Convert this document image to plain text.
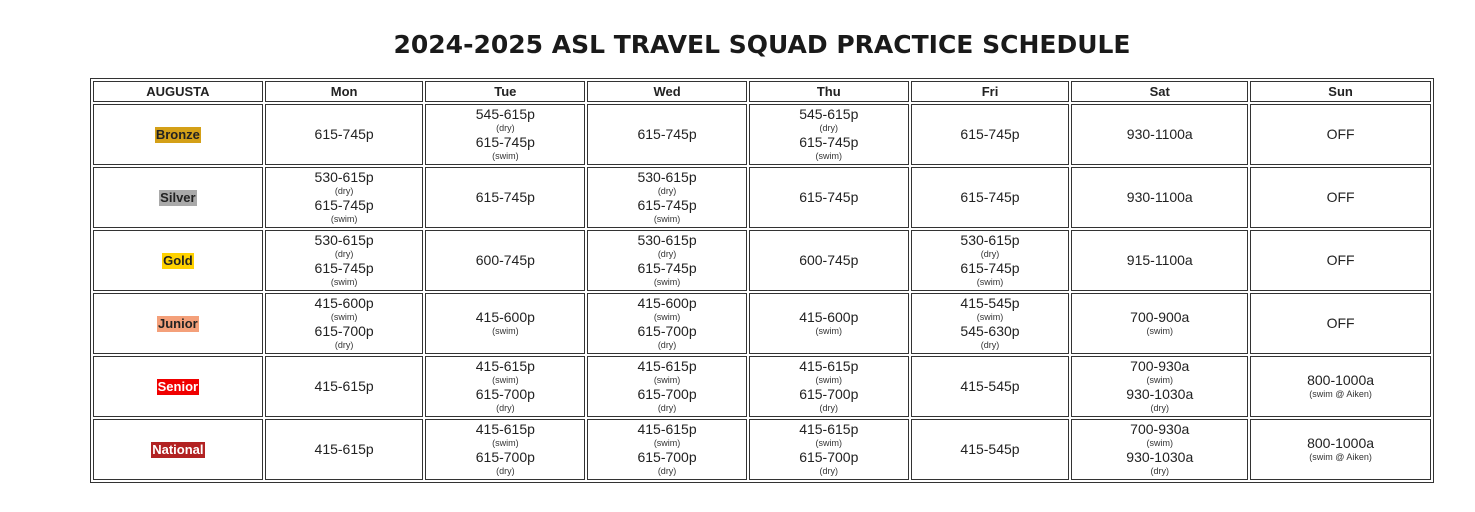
2024-2025 ASL TRAVEL SQUAD PRACTICE SCHEDULE
AUGUSTA	Mon	Tue	Wed	Thu	Fri	Sat	Sun
Bronze	615-745p	545-615p
(dry)
615-745p
(swim)	615-745p	545-615p
(dry)
615-745p
(swim)	615-745p	930-1100a	OFF

Silver	530-615p
(dry)
615-745p
(swim)	615-745p	530-615p
(dry)
615-745p
(swim)	615-745p	615-745p	930-1100a	OFF

Gold	530-615p
(dry)
615-745p
(swim)	600-745p	530-615p
(dry)
615-745p
(swim)	600-745p	530-615p
(dry)
615-745p
(swim)	915-1100a	OFF

Junior	415-600p
(swim)
615-700p
(dry)	415-600p
(swim)	415-600p
(swim)
615-700p
(dry)	415-600p
(swim)	415-545p
(swim)
545-630p
(dry)	700-900a
(swim)	OFF

Senior	415-615p	415-615p
(swim)
615-700p
(dry)	415-615p
(swim)
615-700p
(dry)	415-615p
(swim)
615-700p
(dry)	415-545p	700-930a
(swim)
930-1030a
(dry)	800-1000a
(swim @ Aiken)

National	415-615p	415-615p
(swim)
615-700p
(dry)	415-615p
(swim)
615-700p
(dry)	415-615p
(swim)
615-700p
(dry)	415-545p	700-930a
(swim)
930-1030a
(dry)	800-1000a
(swim @ Aiken)
